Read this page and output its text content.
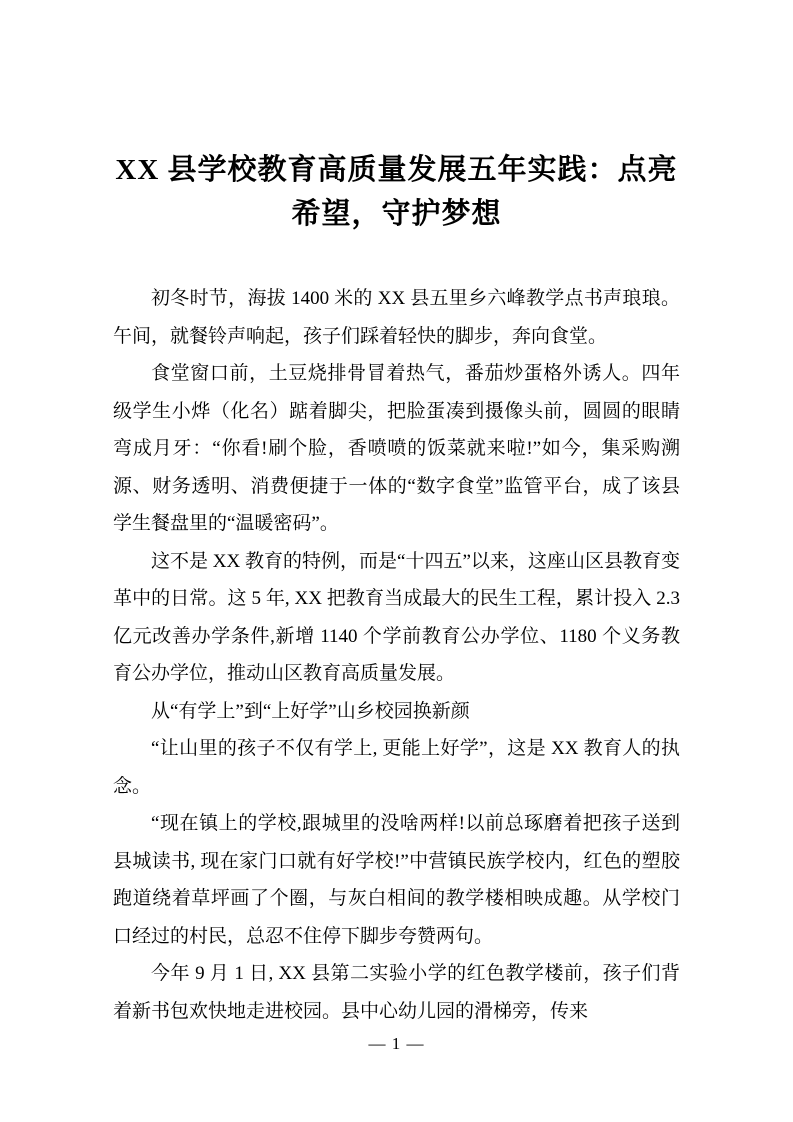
XX 县学校教育高质量发展五年实践：点亮希望，守护梦想

初冬时节，海拔 1400 米的 XX 县五里乡六峰教学点书声琅琅。午间，就餐铃声响起，孩子们踩着轻快的脚步，奔向食堂。

食堂窗口前，土豆烧排骨冒着热气，番茄炒蛋格外诱人。四年级学生小烨（化名）踮着脚尖，把脸蛋凑到摄像头前，圆圆的眼睛弯成月牙：“你看!刷个脸，香喷喷的饭菜就来啦!”如今，集采购溯源、财务透明、消费便捷于一体的“数字食堂”监管平台，成了该县学生餐盘里的“温暖密码”。

这不是 XX 教育的特例，而是“十四五”以来，这座山区县教育变革中的日常。这 5 年, XX 把教育当成最大的民生工程，累计投入 2.3 亿元改善办学条件,新增 1140 个学前教育公办学位、1180 个义务教育公办学位，推动山区教育高质量发展。

从“有学上”到“上好学”山乡校园换新颜

“让山里的孩子不仅有学上, 更能上好学”，这是 XX 教育人的执念。

“现在镇上的学校,跟城里的没啥两样!以前总琢磨着把孩子送到县城读书, 现在家门口就有好学校!”中营镇民族学校内，红色的塑胶跑道绕着草坪画了个圈，与灰白相间的教学楼相映成趣。从学校门口经过的村民，总忍不住停下脚步夸赞两句。

今年 9 月 1 日, XX 县第二实验小学的红色教学楼前，孩子们背着新书包欢快地走进校园。县中心幼儿园的滑梯旁，传来

— 1 —
